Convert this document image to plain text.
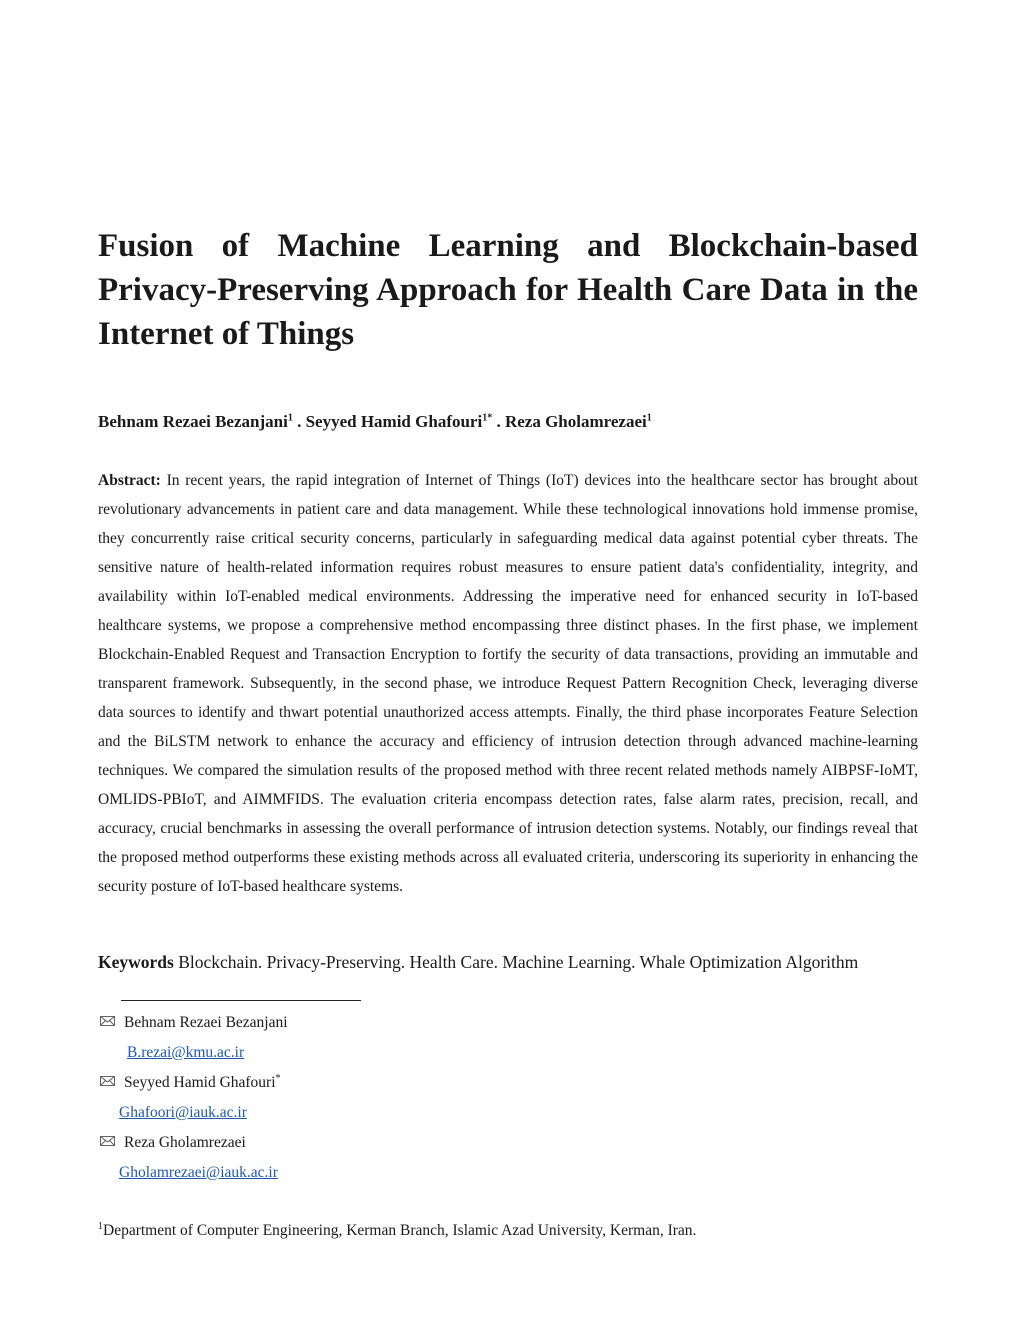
Fusion of Machine Learning and Blockchain-based Privacy-Preserving Approach for Health Care Data in the Internet of Things
Behnam Rezaei Bezanjani$^1$ . Seyyed Hamid Ghafouri$^{1*}$ . Reza Gholamrezaei$^1$

Abstract: In recent years, the rapid integration of Internet of Things (IoT) devices into the healthcare sector has brought about revolutionary advancements in patient care and data management. While these technological innovations hold immense promise, they concurrently raise critical security concerns, particularly in safeguarding medical data against potential cyber threats. The sensitive nature of health-related information requires robust measures to ensure patient data's confidentiality, integrity, and availability within IoT-enabled medical environments. Addressing the imperative need for enhanced security in IoT-based healthcare systems, we propose a comprehensive method encompassing three distinct phases. In the first phase, we implement Blockchain-Enabled Request and Transaction Encryption to fortify the security of data transactions, providing an immutable and transparent framework. Subsequently, in the second phase, we introduce Request Pattern Recognition Check, leveraging diverse data sources to identify and thwart potential unauthorized access attempts. Finally, the third phase incorporates Feature Selection and the BiLSTM network to enhance the accuracy and efficiency of intrusion detection through advanced machine-learning techniques. We compared the simulation results of the proposed method with three recent related methods namely AIBPSF-IoMT, OMLIDS-PBIoT, and AIMMFIDS. The evaluation criteria encompass detection rates, false alarm rates, precision, recall, and accuracy, crucial benchmarks in assessing the overall performance of intrusion detection systems. Notably, our findings reveal that the proposed method outperforms these existing methods across all evaluated criteria, underscoring its superiority in enhancing the security posture of IoT-based healthcare systems.

Keywords Blockchain. Privacy-Preserving. Health Care. Machine Learning. Whale Optimization Algorithm
Behnam Rezaei Bezanjani
B.rezai@kmu.ac.ir
Seyyed Hamid Ghafouri*
Ghafoori@iauk.ac.ir
Reza Gholamrezaei
Gholamrezaei@iauk.ac.ir
$^1$Department of Computer Engineering, Kerman Branch, Islamic Azad University, Kerman, Iran.
